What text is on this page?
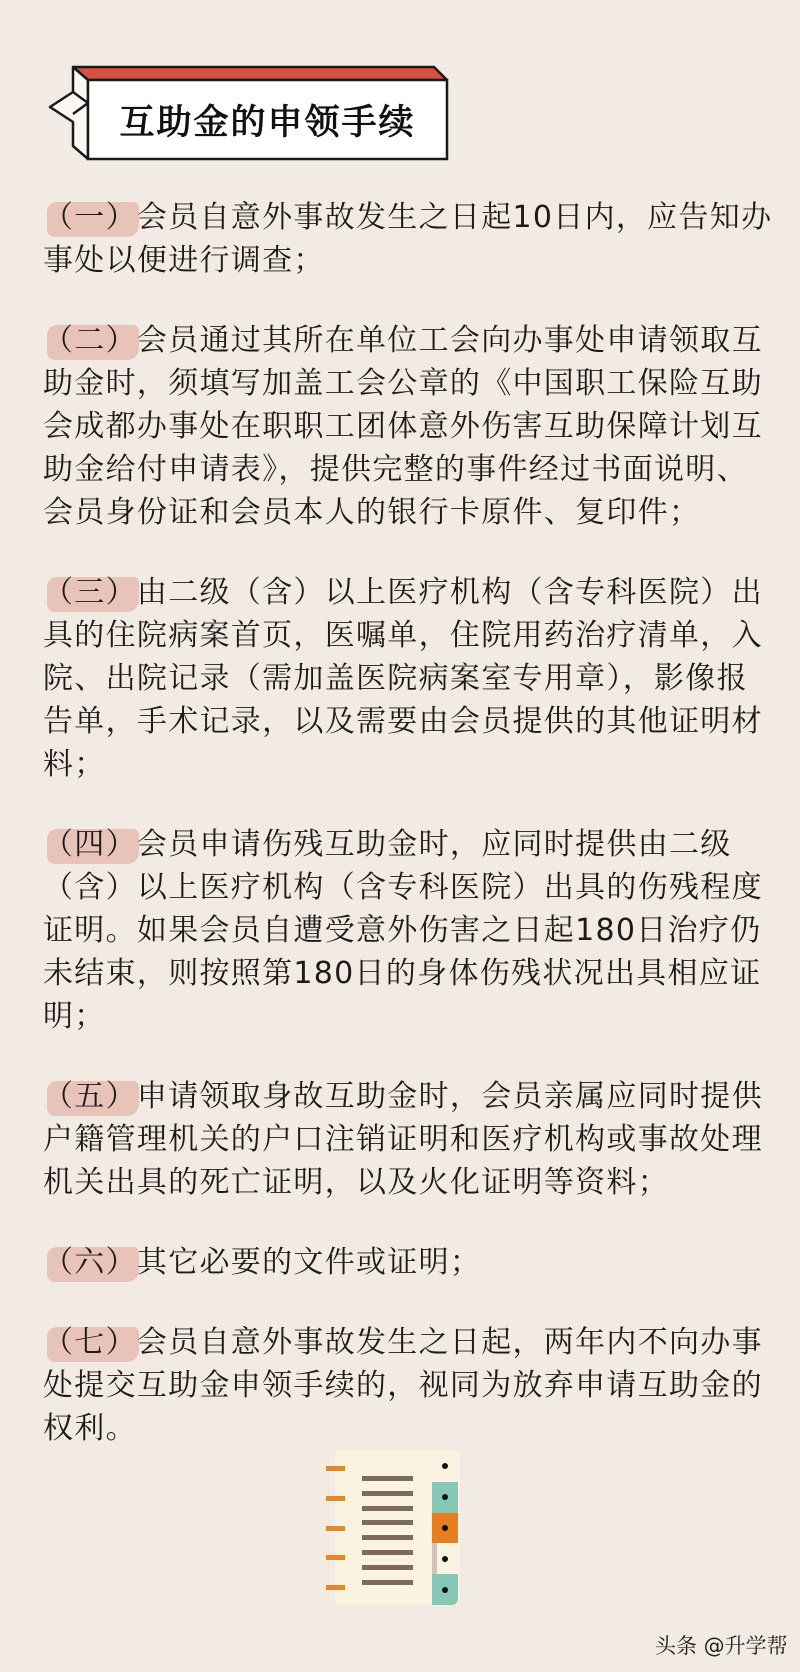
互助金的申领手续
（一）会员自意外事故发生之日起10日内，应告知办
事处以便进行调查；
（二）会员通过其所在单位工会向办事处申请领取互
助金时，须填写加盖工会公章的《中国职工保险互助
会成都办事处在职职工团体意外伤害互助保障计划互
助金给付申请表》，提供完整的事件经过书面说明、
会员身份证和会员本人的银行卡原件、复印件；
（三）由二级（含）以上医疗机构（含专科医院）出
具的住院病案首页，医嘱单，住院用药治疗清单，入
院、出院记录（需加盖医院病案室专用章），影像报
告单，手术记录，以及需要由会员提供的其他证明材
料；
（四）会员申请伤残互助金时，应同时提供由二级
（含）以上医疗机构（含专科医院）出具的伤残程度
证明。如果会员自遭受意外伤害之日起180日治疗仍
未结束，则按照第180日的身体伤残状况出具相应证
明；
（五）申请领取身故互助金时，会员亲属应同时提供
户籍管理机关的户口注销证明和医疗机构或事故处理
机关出具的死亡证明，以及火化证明等资料；
（六）其它必要的文件或证明；
（七）会员自意外事故发生之日起，两年内不向办事
处提交互助金申领手续的，视同为放弃申请互助金的
权利。
头条 @升学帮
